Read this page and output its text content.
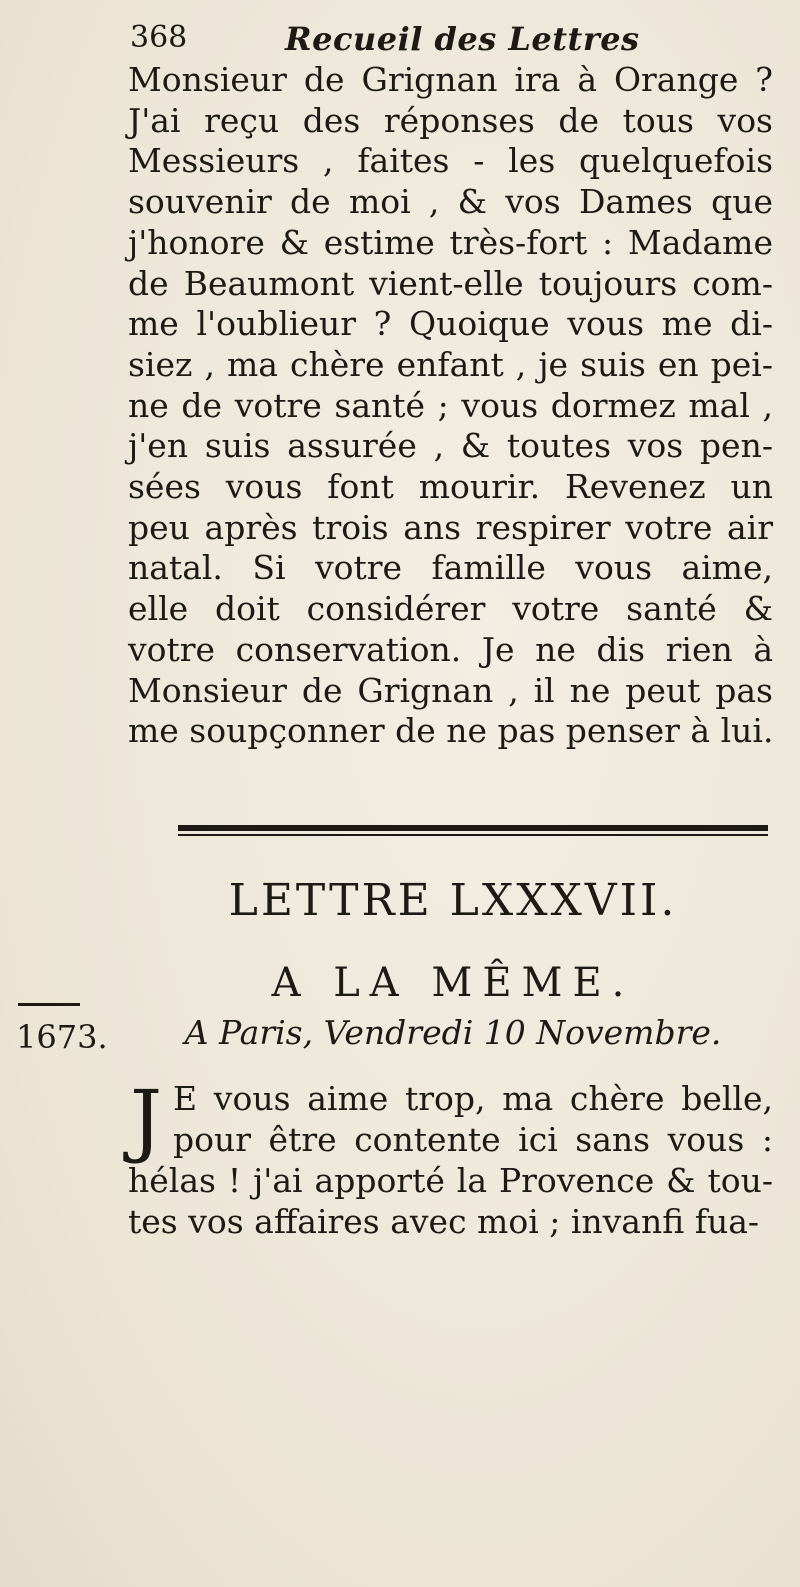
368	Recueil des Lettres
Monsieur de Grignan ira à Orange ?
J'ai reçu des réponses de tous vos
Messieurs , faites - les quelquefois
souvenir de moi , & vos Dames que
j'honore & estime très-fort : Madame
de Beaumont vient-elle toujours com-
me l'oublieur ? Quoique vous me di-
siez , ma chère enfant , je suis en pei-
ne de votre santé ; vous dormez mal ,
j'en suis assurée , & toutes vos pen-
sées vous font mourir. Revenez un
peu après trois ans respirer votre air
natal. Si votre famille vous aime,
elle doit considérer votre santé &
votre conservation. Je ne dis rien à
Monsieur de Grignan , il ne peut pas
me soupçonner de ne pas penser à lui.
LETTRE LXXXVII.
A LA MÊME.
1673.	A Paris, Vendredi 10 Novembre.
J E vous aime trop, ma chère belle,
pour être contente ici sans vous :
hélas ! j'ai apporté la Provence & tou-
tes vos affaires avec moi ; invanfi fua-
